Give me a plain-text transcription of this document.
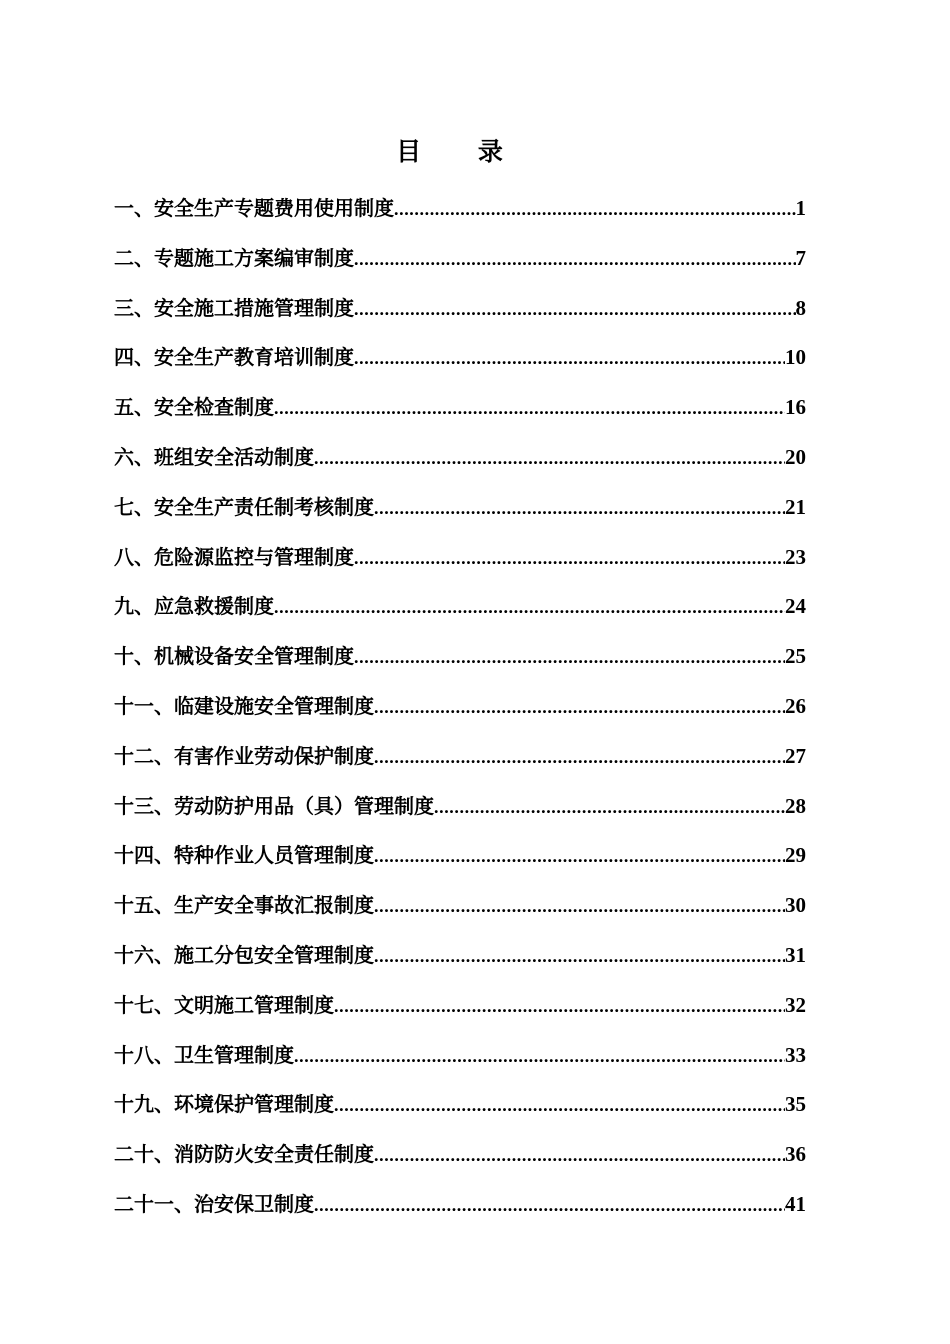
目 录
一、安全生产专题费用使用制度 .....	1
二、专题施工方案编审制度 .....	7
三、安全施工措施管理制度 .....	8
四、安全生产教育培训制度 .....	10
五、安全检查制度 .....	16
六、班组安全活动制度 .....	20
七、安全生产责任制考核制度 .....	21
八、危险源监控与管理制度 .....	23
九、应急救援制度 .....	24
十、机械设备安全管理制度 .....	25
十一、临建设施安全管理制度 .....	26
十二、有害作业劳动保护制度 .....	27
十三、劳动防护用品（具）管理制度 .....	28
十四、特种作业人员管理制度 .....	29
十五、生产安全事故汇报制度 .....	30
十六、施工分包安全管理制度 .....	31
十七、文明施工管理制度 .....	32
十八、卫生管理制度 .....	33
十九、环境保护管理制度 .....	35
二十、消防防火安全责任制度 .....	36
二十一、治安保卫制度 .....	41
